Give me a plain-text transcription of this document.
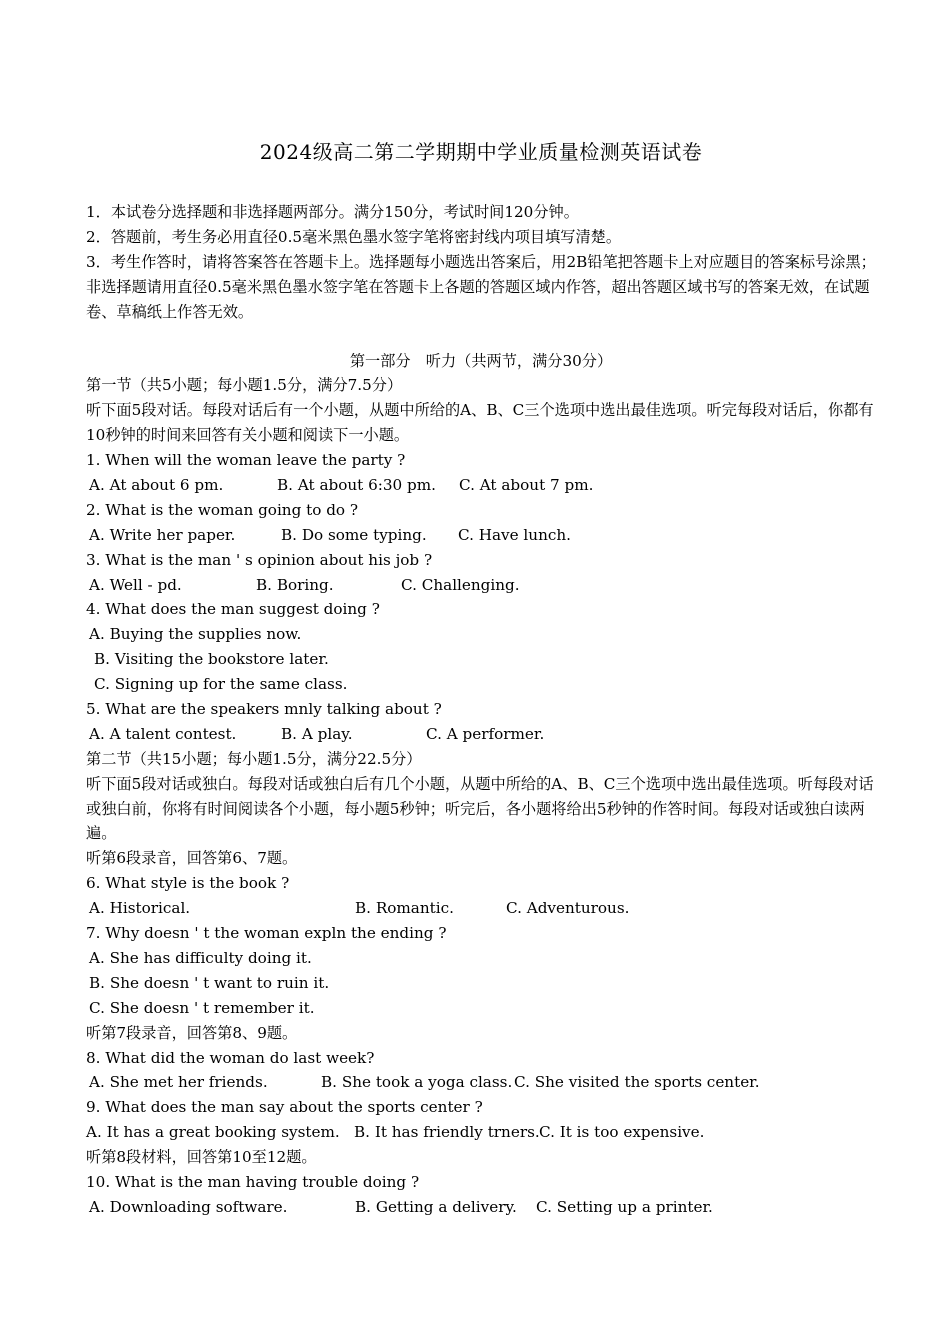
2024级高二第二学期期中学业质量检测英语试卷
1．本试卷分选择题和非选择题两部分。满分150分，考试时间120分钟。
2．答题前，考生务必用直径0.5毫米黑色墨水签字笔将密封线内项目填写清楚。
3．考生作答时，请将答案答在答题卡上。选择题每小题选出答案后，用2B铅笔把答题卡上对应题目的答案标号涂黑；非选择题请用直径0.5毫米黑色墨水签字笔在答题卡上各题的答题区域内作答，超出答题区域书写的答案无效，在试题卷、草稿纸上作答无效。
第一部分　听力（共两节，满分30分）
第一节（共5小题；每小题1.5分，满分7.5分）
听下面5段对话。每段对话后有一个小题，从题中所给的A、B、C三个选项中选出最佳选项。听完每段对话后，你都有10秒钟的时间来回答有关小题和阅读下一小题。
1. When will the woman leave the party ?
A. At about 6 pm.	B. At about 6:30 pm. C. At about 7 pm.
2. What is the woman going to do ?
A. Write her paper.	B. Do some typing. C. Have lunch.
3. What is the man ' s opinion about his job ?
A. Well - pd.	B. Boring.	C. Challenging.
4. What does the man suggest doing ?
A. Buying the supplies now.
B. Visiting the bookstore later.
C. Signing up for the same class.
5. What are the speakers mnly talking about ?
A. A talent contest.	B. A play.	C. A performer.
第二节（共15小题；每小题1.5分，满分22.5分）
听下面5段对话或独白。每段对话或独白后有几个小题，从题中所给的A、B、C三个选项中选出最佳选项。听每段对话或独白前，你将有时间阅读各个小题，每小题5秒钟；听完后，各小题将给出5秒钟的作答时间。每段对话或独白读两遍。
听第6段录音，回答第6、7题。
6. What style is the book ?
A. Historical.	B. Romantic.	C. Adventurous.
7. Why doesn ' t the woman expln the ending ?
A. She has difficulty doing it.
B. She doesn ' t want to ruin it.
C. She doesn ' t remember it.
听第7段录音，回答第8、9题。
8. What did the woman do last week?
A. She met her friends.	B. She took a yoga class. C. She visited the sports center.
9. What does the man say about the sports center ?
A. It has a great booking system. B. It has friendly trners.C. It is too expensive.
听第8段材料，回答第10至12题。
10. What is the man having trouble doing ?
A. Downloading software.	B. Getting a delivery. C. Setting up a printer.
